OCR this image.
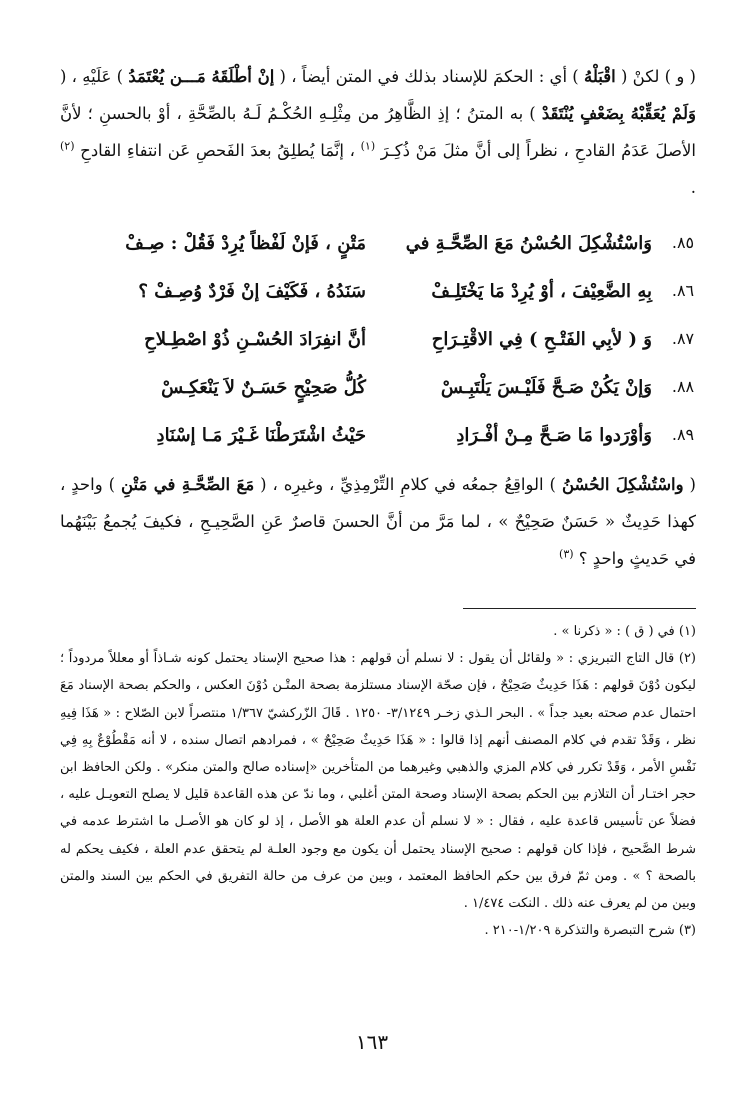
( و ) لكنْ ( اقْبَلْهُ ) أي : الحكمَ للإسناد بذلك في المتن أيضاً ، ( إنْ أطْلَقَهُ مَـــن يُعْتَمَدُ ) عَلَيْهِ ، ( وَلَمْ يُعَقِّبْهُ بِضَعْفٍ يُنْتَقَدْ ) به المتنُ ؛ إذِ الظَّاهِرُ من مِثْلِـهِ الحُكْـمُ لَـهُ بالصِّحَّةِ ، أوْ بالحسنِ ؛ لأنَّ الأصلَ عَدَمُ القادحِ ، نظراً إلى أنَّ مثلَ مَنْ ذُكِـرَ $^{(١)}$ ، إنَّمَا يُطلِقُ بعدَ الفَحصِ عَن انتفاءِ القادحِ $^{(٢)}$ .

٨٥.
وَاسْتُشْكِلَ الحُسْنُ مَعَ الصِّحَّـةِ في
مَتْنٍ ، فَإنْ لَفْظاً يُرِدْ فَقُلْ : صِـفْ
٨٦.
بِهِ الضَّعِيْفَ ، أوْ يُرِدْ مَا يَخْتَلِـفْ
سَنَدُهُ ، فَكَيْفَ إنْ فَرْدٌ وُصِـفْ ؟
٨٧.
وَ ( لأبِي الفَتْـحِ ) فِي الاقْتِـرَاحِ
أنَّ انفِرَادَ الحُسْـنِ ذُوْ اصْطِـلاحِ
٨٨.
وَإنْ يَكُنْ صَـحَّ فَلَيْـسَ يَلْتَبِـسْ
كُلُّ صَحِيْحٍ حَسَـنٌ لاَ يَنْعَكِـسْ
٨٩.
وَأوْرَدوا مَا صَـحَّ مِـنْ أفْـرَادِ
حَيْثُ اشْتَرَطْنَا غَـيْرَ مَـا إسْنَادِ

( واسْتُشْكِلَ الحُسْنُ ) الواقِعُ جمعُه في كلامِ التِّرْمِذِيِّ ، وغيرِه ، ( مَعَ الصِّحَّـةِ في مَتْنِ ) واحدٍ ، كهذا حَدِيثٌ « حَسَنٌ صَحِيْحٌ » ، لما مَرَّ من أنَّ الحسنَ قاصرٌ عَنِ الصَّحِيـحِ ، فكيفَ يُجمعُ بَيْنَهُما في حَديثٍ واحدٍ ؟ $^{(٣)}$

(١) في ( ق ) : « ذكرنا » .

(٢) قال التاج التبريزي : « ولقائل أن يقول : لا نسلم أن قولهم : هذا صحيح الإسناد يحتمل كونه شـاذاً أو معللاً مردوداً ؛ ليكون دُوْنَ قولهم : هَذَا حَدِيثٌ صَحِيْحٌ ، فإن صحّة الإسناد مستلزمة بصحة المتْـن دُوْنَ العكس ، والحكم بصحة الإسناد مَعَ احتمال عدم صحته بعيد جداً » . البحر الـذي زخـر ٣/١٢٤٩- ١٢٥٠ . قَالَ الزّركشيّ ١/٣٦٧ منتصراً لابن الصّلاح : « هَذَا فِيهِ نظر ، وَقَدْ تقدم في كلام المصنف أنهم إذا قالوا : « هَذَا حَدِيثٌ صَحِيْحٌ » ، فمرادهم اتصال سنده ، لا أنه مَقْطُوْعٌ بِهِ فِي نَفْسِ الأمر ، وَقَدْ تكرر في كلام المزي والذهبي وغيرهما من المتأخرين «إسناده صالح والمتن منكر» . ولكن الحافظ ابن حجر اختـار أن التلازم بين الحكم بصحة الإسناد وصحة المتن أغلبي ، وما ندّ عن هذه القاعدة قليل لا يصلح التعويـل عليه ، فضلاً عن تأسيس قاعدة عليه ، فقال : « لا نسلم أن عدم العلة هو الأصل ، إذ لو كان هو الأصـل ما اشترط عدمه في شرط الصَّحيح ، فإذا كان قولهم : صحيح الإسناد يحتمل أن يكون مع وجود العلـة لم يتحقق عدم العلة ، فكيف يحكم له بالصحة ؟ » . ومن ثمّ فرق بين حكم الحافظ المعتمد ، وبين من عرف من حالة التفريق في الحكم بين السند والمتن وبين من لم يعرف عنه ذلك . النكت ١/٤٧٤ .

(٣) شرح التبصرة والتذكرة ١/٢٠٩-٢١٠ .

١٦٣
